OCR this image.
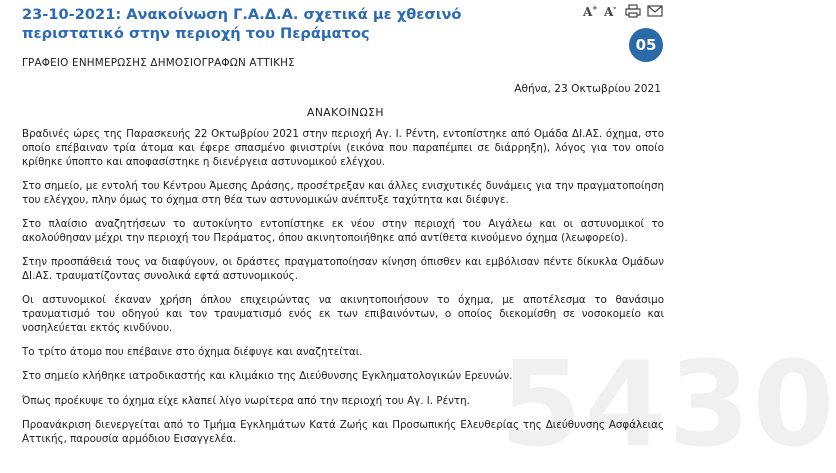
5430
23-10-2021: Ανακοίνωση Γ.Α.Δ.Α. σχετικά με χθεσινό περιστατικό στην περιοχή του Περάματος
A + A -
05
ΓΡΑΦΕΙΟ ΕΝΗΜΕΡΩΣΗΣ ΔΗΜΟΣΙΟΓΡΑΦΩΝ ΑΤΤΙΚΗΣ
Αθήνα, 23 Οκτωβρίου 2021
ΑΝΑΚΟΙΝΩΣΗ

Βραδινές ώρες της Παρασκευής 22 Οκτωβρίου 2021 στην περιοχή Αγ. Ι. Ρέντη, εντοπίστηκε από Ομάδα ΔΙ.ΑΣ. όχημα, στο οποίο επέβαιναν τρία άτομα και έφερε σπασμένο φινιστρίνι (εικόνα που παραπέμπει σε διάρρηξη), λόγος για τον οποίο κρίθηκε ύποπτο και αποφασίστηκε η διενέργεια αστυνομικού ελέγχου.

Στο σημείο, με εντολή του Κέντρου Άμεσης Δράσης, προσέτρεξαν και άλλες ενισχυτικές δυνάμεις για την πραγματοποίηση του ελέγχου, πλην όμως το όχημα στη θέα των αστυνομικών ανέπτυξε ταχύτητα και διέφυγε.

Στο πλαίσιο αναζητήσεων το αυτοκίνητο εντοπίστηκε εκ νέου στην περιοχή του Αιγάλεω και οι αστυνομικοί το ακολούθησαν μέχρι την περιοχή του Περάματος, όπου ακινητοποιήθηκε από αντίθετα κινούμενο όχημα (λεωφορείο).

Στην προσπάθειά τους να διαφύγουν, οι δράστες πραγματοποίησαν κίνηση όπισθεν και εμβόλισαν πέντε δίκυκλα Ομάδων ΔΙ.ΑΣ. τραυματίζοντας συνολικά εφτά αστυνομικούς.

Οι αστυνομικοί έκαναν χρήση όπλου επιχειρώντας να ακινητοποιήσουν το όχημα, με αποτέλεσμα το θανάσιμο τραυματισμό του οδηγού και τον τραυματισμό ενός εκ των επιβαινόντων, ο οποίος διεκομίσθη σε νοσοκομείο και νοσηλεύεται εκτός κινδύνου.

Το τρίτο άτομο που επέβαινε στο όχημα διέφυγε και αναζητείται.

Στο σημείο κλήθηκε ιατροδικαστής και κλιμάκιο της Διεύθυνσης Εγκληματολογικών Ερευνών.

Όπως προέκυψε το όχημα είχε κλαπεί λίγο νωρίτερα από την περιοχή του Αγ. Ι. Ρέντη.

Προανάκριση διενεργείται από το Τμήμα Εγκλημάτων Κατά Ζωής και Προσωπικής Ελευθερίας της Διεύθυνσης Ασφάλειας Αττικής, παρουσία αρμόδιου Εισαγγελέα.
